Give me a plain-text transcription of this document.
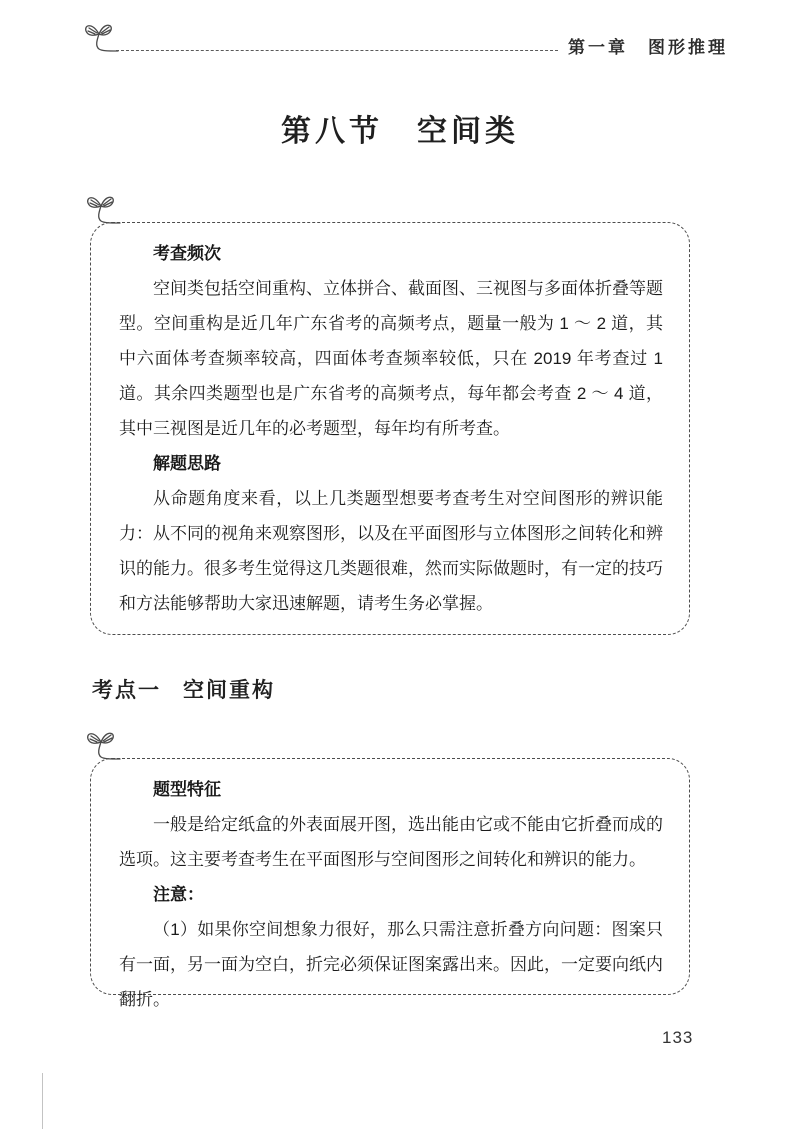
第一章　图形推理
第八节　空间类

考查频次

空间类包括空间重构、立体拼合、截面图、三视图与多面体折叠等题型。空间重构是近几年广东省考的高频考点，题量一般为 1 ～ 2 道，其中六面体考查频率较高，四面体考查频率较低，只在 2019 年考查过 1 道。其余四类题型也是广东省考的高频考点，每年都会考查 2 ～ 4 道，其中三视图是近几年的必考题型，每年均有所考查。

解题思路

从命题角度来看，以上几类题型想要考查考生对空间图形的辨识能力：从不同的视角来观察图形，以及在平面图形与立体图形之间转化和辨识的能力。很多考生觉得这几类题很难，然而实际做题时，有一定的技巧和方法能够帮助大家迅速解题，请考生务必掌握。

考点一 空间重构

题型特征

一般是给定纸盒的外表面展开图，选出能由它或不能由它折叠而成的选项。这主要考查考生在平面图形与空间图形之间转化和辨识的能力。

注意：

（1）如果你空间想象力很好，那么只需注意折叠方向问题：图案只有一面，另一面为空白，折完必须保证图案露出来。因此，一定要向纸内翻折。

133
